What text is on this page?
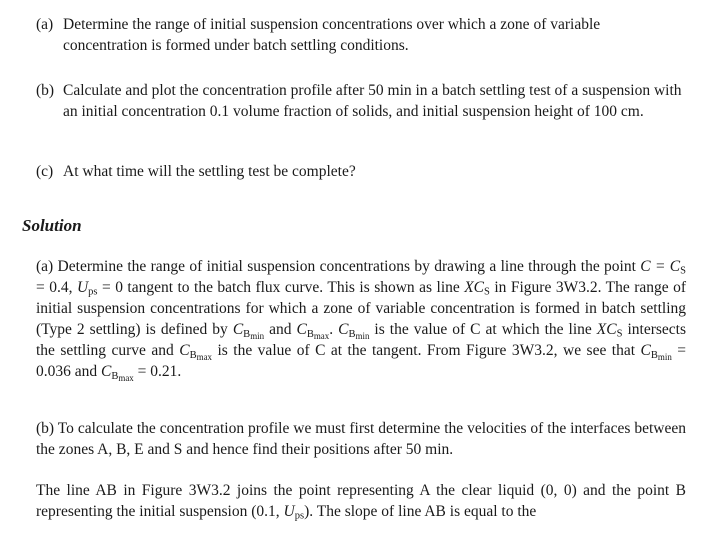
(a) Determine the range of initial suspension concentrations over which a zone of variable concentration is formed under batch settling conditions.
(b) Calculate and plot the concentration profile after 50 min in a batch settling test of a suspension with an initial concentration 0.1 volume fraction of solids, and initial suspension height of 100 cm.
(c) At what time will the settling test be complete?
Solution

(a) Determine the range of initial suspension concentrations by drawing a line through the point $C = C_S = 0.4$, $U_{ps} = 0$ tangent to the batch flux curve. This is shown as line $XC_S$ in Figure 3W3.2. The range of initial suspension concentrations for which a zone of variable concentration is formed in batch settling (Type 2 settling) is defined by $C_{B_{min}}$ and $C_{B_{max}}$. $C_{B_{min}}$ is the value of C at which the line $XC_S$ intersects the settling curve and $C_{B_{max}}$ is the value of C at the tangent. From Figure 3W3.2, we see that $C_{B_{min}} = 0.036$ and $C_{B_{max}} = 0.21$.

(b) To calculate the concentration profile we must first determine the velocities of the interfaces between the zones A, B, E and S and hence find their positions after 50 min.

The line AB in Figure 3W3.2 joins the point representing A the clear liquid (0, 0) and the point B representing the initial suspension (0.1, $U_{ps}$). The slope of line AB is equal to the
